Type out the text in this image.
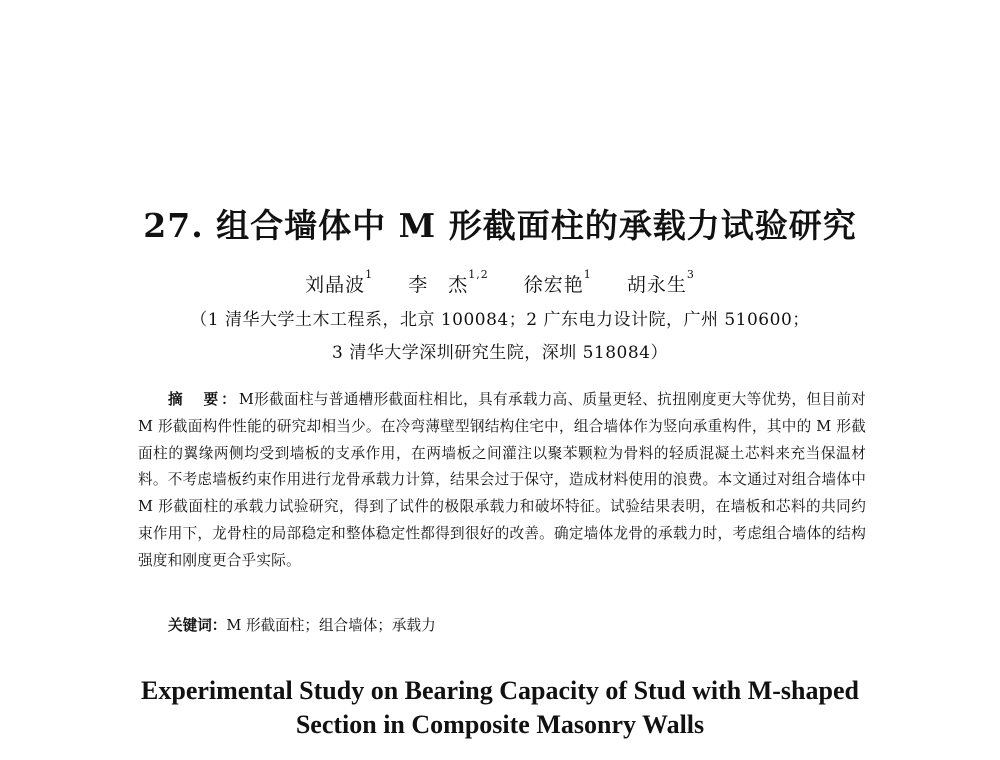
27. 组合墙体中 M 形截面柱的承载力试验研究
刘晶波$^1$ 李　杰$^{1,2}$ 徐宏艳$^1$ 胡永生$^3$
（1 清华大学土木工程系，北京 100084；2 广东电力设计院，广州 510600；
3 清华大学深圳研究生院，深圳 518084）
摘　要：M形截面柱与普通槽形截面柱相比，具有承载力高、质量更轻、抗扭刚度更大等优势，但目前对 M 形截面构件性能的研究却相当少。在冷弯薄壁型钢结构住宅中，组合墙体作为竖向承重构件，其中的 M 形截面柱的翼缘两侧均受到墙板的支承作用，在两墙板之间灌注以聚苯颗粒为骨料的轻质混凝土芯料来充当保温材料。不考虑墙板约束作用进行龙骨承载力计算，结果会过于保守，造成材料使用的浪费。本文通过对组合墙体中 M 形截面柱的承载力试验研究，得到了试件的极限承载力和破坏特征。试验结果表明，在墙板和芯料的共同约束作用下，龙骨柱的局部稳定和整体稳定性都得到很好的改善。确定墙体龙骨的承载力时，考虑组合墙体的结构强度和刚度更合乎实际。
关键词：M 形截面柱；组合墙体；承载力
Experimental Study on Bearing Capacity of Stud with M-shaped
Section in Composite Masonry Walls
